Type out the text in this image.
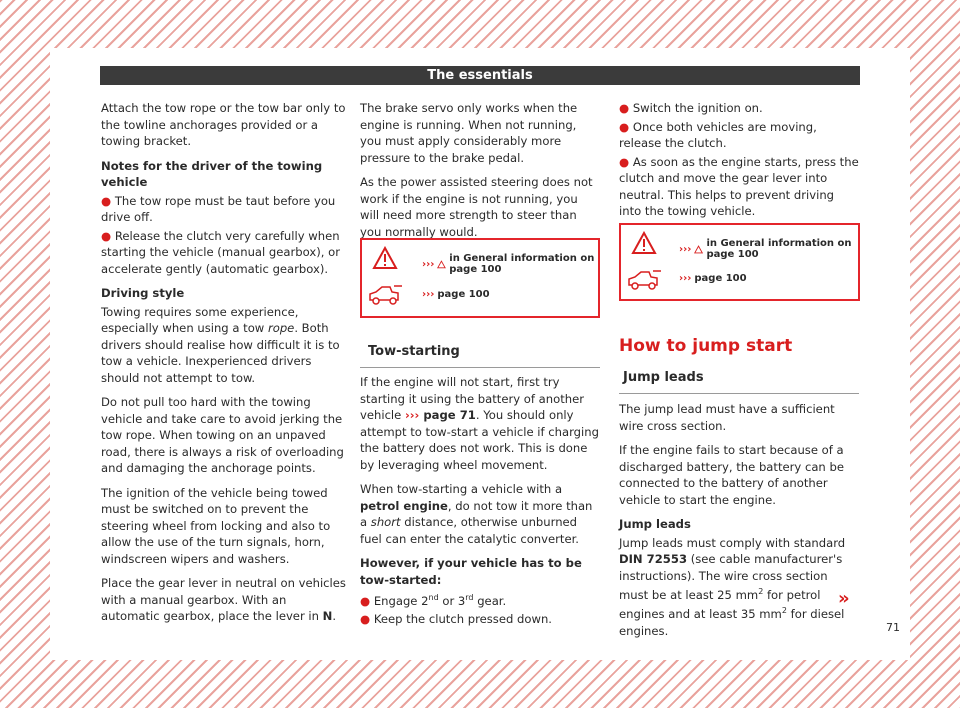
The essentials

Attach the tow rope or the tow bar only to the towline anchorages provided or a towing bracket.

Notes for the driver of the towing vehicle

● The tow rope must be taut before you drive off.
● Release the clutch very carefully when starting the vehicle (manual gearbox), or accelerate gently (automatic gearbox).

Driving style

Towing requires some experience, especially when using a tow rope. Both drivers should realise how difficult it is to tow a vehicle. Inexperienced drivers should not attempt to tow.

Do not pull too hard with the towing vehicle and take care to avoid jerking the tow rope. When towing on an unpaved road, there is always a risk of overloading and damaging the anchorage points.

The ignition of the vehicle being towed must be switched on to prevent the steering wheel from locking and also to allow the use of the turn signals, horn, windscreen wipers and washers.

Place the gear lever in neutral on vehicles with a manual gearbox. With an automatic gearbox, place the lever in N.

The brake servo only works when the engine is running. When not running, you must apply considerably more pressure to the brake pedal.

As the power assisted steering does not work if the engine is not running, you will need more strength to steer than you normally would.

››› in General information on page 100
››› page 100
Tow-starting

If the engine will not start, first try starting it using the battery of another vehicle ››› page 71. You should only attempt to tow-start a vehicle if charging the battery does not work. This is done by leveraging wheel movement.

When tow-starting a vehicle with a petrol engine, do not tow it more than a short distance, otherwise unburned fuel can enter the catalytic converter.

However, if your vehicle has to be tow-started:

● Engage 2nd or 3rd gear.
● Keep the clutch pressed down.
● Switch the ignition on.
● Once both vehicles are moving, release the clutch.
● As soon as the engine starts, press the clutch and move the gear lever into neutral. This helps to prevent driving into the towing vehicle.
››› in General information on page 100
››› page 100
How to jump start
Jump leads

The jump lead must have a sufficient wire cross section.

If the engine fails to start because of a discharged battery, the battery can be connected to the battery of another vehicle to start the engine.

Jump leads

Jump leads must comply with standard DIN 72553 (see cable manufacturer's instructions). The wire cross section must be at least 25 $mm^2$ for petrol engines and at least 35 $mm^2$ for diesel engines.

»
71
